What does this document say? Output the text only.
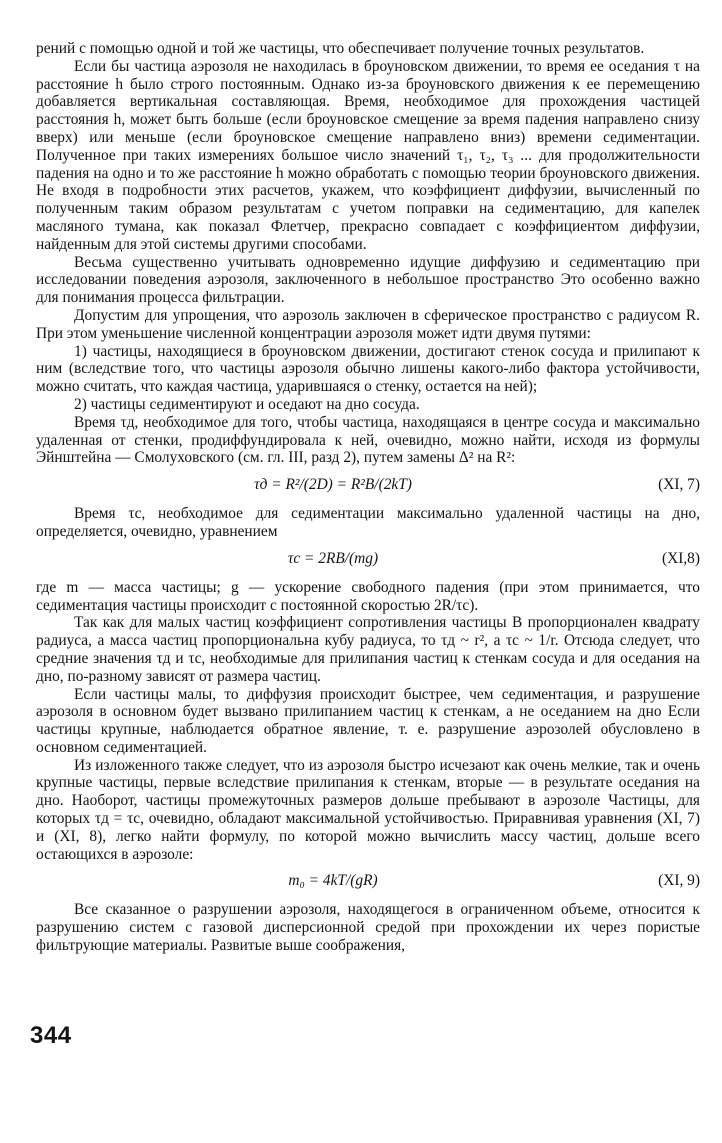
рений с помощью одной и той же частицы, что обеспечивает получение точных результатов.

Если бы частица аэрозоля не находилась в броуновском движении, то время ее оседания τ на расстояние h было строго постоянным. Однако из-за броуновского движения к ее перемещению добавляется вертикальная составляющая. Время, необходимое для прохождения частицей расстояния h, может быть больше (если броуновское смещение за время падения направлено снизу вверх) или меньше (если броуновское смещение направлено вниз) времени седиментации. Полученное при таких измерениях большое число значений τ₁, τ₂, τ₃ ... для продолжительности падения на одно и то же расстояние h можно обработать с помощью теории броуновского движения. Не входя в подробности этих расчетов, укажем, что коэффициент диффузии, вычисленный по полученным таким образом результатам с учетом поправки на седиментацию, для капелек масляного тумана, как показал Флетчер, прекрасно совпадает с коэффициентом диффузии, найденным для этой системы другими способами.

Весьма существенно учитывать одновременно идущие диффузию и седиментацию при исследовании поведения аэрозоля, заключенного в небольшое пространство Это особенно важно для понимания процесса фильтрации.

Допустим для упрощения, что аэрозоль заключен в сферическое пространство с радиусом R. При этом уменьшение численной концентрации аэрозоля может идти двумя путями:

1) частицы, находящиеся в броуновском движении, достигают стенок сосуда и прилипают к ним (вследствие того, что частицы аэрозоля обычно лишены какого-либо фактора устойчивости, можно считать, что каждая частица, ударившаяся о стенку, остается на ней);

2) частицы седиментируют и оседают на дно сосуда.

Время τд, необходимое для того, чтобы частица, находящаяся в центре сосуда и максимально удаленная от стенки, продиффундировала к ней, очевидно, можно найти, исходя из формулы Эйнштейна — Смолуховского (см. гл. III, разд 2), путем замены Δ² на R²:

τд = R²/(2D) = R²B/(2kT)	(XI, 7)

Время τс, необходимое для седиментации максимально удаленной частицы на дно, определяется, очевидно, уравнением

τс = 2RB/(mg)	(XI,8)

где m — масса частицы; g — ускорение свободного падения (при этом принимается, что седиментация частицы происходит с постоянной скоростью 2R/τс).

Так как для малых частиц коэффициент сопротивления частицы B пропорционален квадрату радиуса, а масса частиц пропорциональна кубу радиуса, то τд ~ r², а τс ~ 1/r. Отсюда следует, что средние значения τд и τс, необходимые для прилипания частиц к стенкам сосуда и для оседания на дно, по-разному зависят от размера частиц.

Если частицы малы, то диффузия происходит быстрее, чем седиментация, и разрушение аэрозоля в основном будет вызвано прилипанием частиц к стенкам, а не оседанием на дно Если частицы крупные, наблюдается обратное явление, т. е. разрушение аэрозолей обусловлено в основном седиментацией.

Из изложенного также следует, что из аэрозоля быстро исчезают как очень мелкие, так и очень крупные частицы, первые вследствие прилипания к стенкам, вторые — в результате оседания на дно. Наоборот, частицы промежуточных размеров дольше пребывают в аэрозоле Частицы, для которых τд = τс, очевидно, обладают максимальной устойчивостью. Приравнивая уравнения (XI, 7) и (XI, 8), легко найти формулу, по которой можно вычислить массу частиц, дольше всего остающихся в аэрозоле:

m₀ = 4kT/(gR)	(XI, 9)

Все сказанное о разрушении аэрозоля, находящегося в ограниченном объеме, относится к разрушению систем с газовой дисперсионной средой при прохождении их через пористые фильтрующие материалы. Развитые выше соображения,

344
